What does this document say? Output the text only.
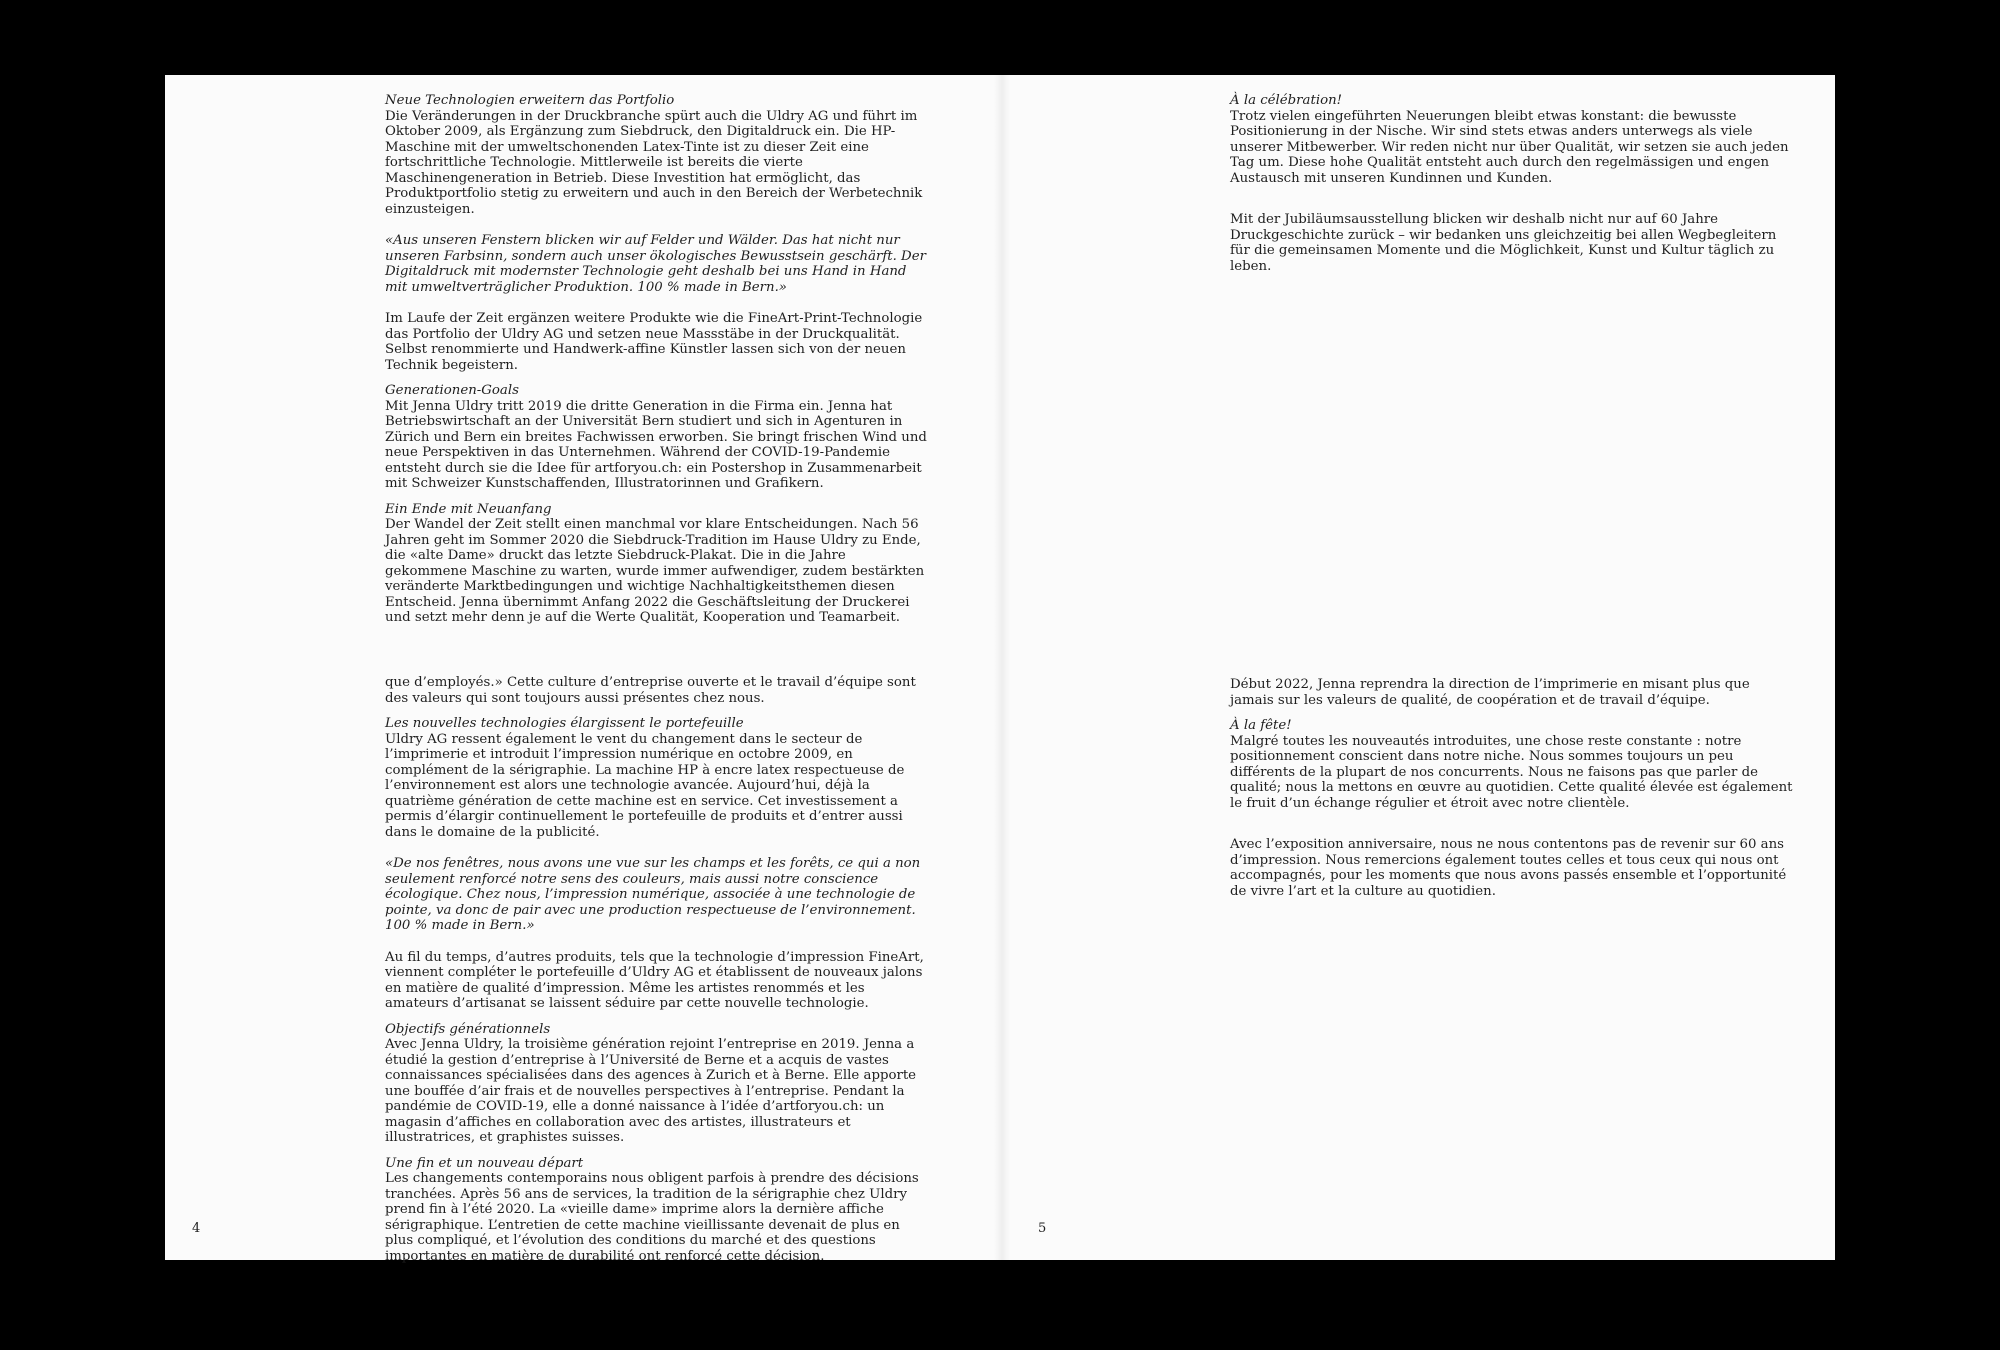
Neue Technologien erweitern das Portfolio

Die Veränderungen in der Druckbranche spürt auch die Uldry AG und führt im Oktober 2009, als Ergänzung zum Siebdruck, den Digitaldruck ein. Die HP-Maschine mit der umweltschonenden Latex-Tinte ist zu dieser Zeit eine fortschrittliche Technologie. Mittlerweile ist bereits die vierte Maschinengeneration in Betrieb. Diese Investition hat ermöglicht, das Produktportfolio stetig zu erweitern und auch in den Bereich der Werbetechnik einzusteigen.

«Aus unseren Fenstern blicken wir auf Felder und Wälder. Das hat nicht nur unseren Farbsinn, sondern auch unser ökologisches Bewusstsein geschärft. Der Digitaldruck mit modernster Technologie geht deshalb bei uns Hand in Hand mit umweltverträglicher Produktion. 100 % made in Bern.»

Im Laufe der Zeit ergänzen weitere Produkte wie die FineArt-Print-Technologie das Portfolio der Uldry AG und setzen neue Massstäbe in der Druckqualität. Selbst renommierte und Handwerk-affine Künstler lassen sich von der neuen Technik begeistern.

Generationen-Goals

Mit Jenna Uldry tritt 2019 die dritte Generation in die Firma ein. Jenna hat Betriebswirtschaft an der Universität Bern studiert und sich in Agenturen in Zürich und Bern ein breites Fachwissen erworben. Sie bringt frischen Wind und neue Perspektiven in das Unternehmen. Während der COVID-19-Pandemie entsteht durch sie die Idee für artforyou.ch: ein Postershop in Zusammenarbeit mit Schweizer Kunstschaffenden, Illustratorinnen und Grafikern.

Ein Ende mit Neuanfang

Der Wandel der Zeit stellt einen manchmal vor klare Entscheidungen. Nach 56 Jahren geht im Sommer 2020 die Siebdruck-Tradition im Hause Uldry zu Ende, die «alte Dame» druckt das letzte Siebdruck-Plakat. Die in die Jahre gekommene Maschine zu warten, wurde immer aufwendiger, zudem bestärkten veränderte Marktbedingungen und wichtige Nachhaltigkeitsthemen diesen Entscheid. Jenna übernimmt Anfang 2022 die Geschäftsleitung der Druckerei und setzt mehr denn je auf die Werte Qualität, Kooperation und Teamarbeit.

que d’employés.» Cette culture d’entreprise ouverte et le travail d’équipe sont des valeurs qui sont toujours aussi présentes chez nous.

Les nouvelles technologies élargissent le portefeuille

Uldry AG ressent également le vent du changement dans le secteur de l’imprimerie et introduit l’impression numérique en octobre 2009, en complément de la sérigraphie. La machine HP à encre latex respectueuse de l’environnement est alors une technologie avancée. Aujourd’hui, déjà la quatrième génération de cette machine est en service. Cet investissement a permis d’élargir continuellement le portefeuille de produits et d’entrer aussi dans le domaine de la publicité.

«De nos fenêtres, nous avons une vue sur les champs et les forêts, ce qui a non seulement renforcé notre sens des couleurs, mais aussi notre conscience écologique. Chez nous, l’impression numérique, associée à une technologie de pointe, va donc de pair avec une production respectueuse de l’environnement. 100 % made in Bern.»

Au fil du temps, d’autres produits, tels que la technologie d’impression FineArt, viennent compléter le portefeuille d’Uldry AG et établissent de nouveaux jalons en matière de qualité d’impression. Même les artistes renommés et les amateurs d’artisanat se laissent séduire par cette nouvelle technologie.

Objectifs générationnels

Avec Jenna Uldry, la troisième génération rejoint l’entreprise en 2019. Jenna a étudié la gestion d’entreprise à l’Université de Berne et a acquis de vastes connaissances spécialisées dans des agences à Zurich et à Berne. Elle apporte une bouffée d’air frais et de nouvelles perspectives à l’entreprise. Pendant la pandémie de COVID-19, elle a donné naissance à l’idée d’artforyou.ch: un magasin d’affiches en collaboration avec des artistes, illustrateurs et illustratrices, et graphistes suisses.

Une fin et un nouveau départ

Les changements contemporains nous obligent parfois à prendre des décisions tranchées. Après 56 ans de services, la tradition de la sérigraphie chez Uldry prend fin à l’été 2020. La «vieille dame» imprime alors la dernière affiche sérigraphique. L’entretien de cette machine vieillissante devenait de plus en plus compliqué, et l’évolution des conditions du marché et des questions importantes en matière de durabilité ont renforcé cette décision.

4
À la célébration!

Trotz vielen eingeführten Neuerungen bleibt etwas konstant: die bewusste Positionierung in der Nische. Wir sind stets etwas anders unterwegs als viele unserer Mitbewerber. Wir reden nicht nur über Qualität, wir setzen sie auch jeden Tag um. Diese hohe Qualität entsteht auch durch den regelmässigen und engen Austausch mit unseren Kundinnen und Kunden.

Mit der Jubiläumsausstellung blicken wir deshalb nicht nur auf 60 Jahre Druckgeschichte zurück – wir bedanken uns gleichzeitig bei allen Wegbegleitern für die gemeinsamen Momente und die Möglichkeit, Kunst und Kultur täglich zu leben.

Début 2022, Jenna reprendra la direction de l’imprimerie en misant plus que jamais sur les valeurs de qualité, de coopération et de travail d’équipe.

À la fête!

Malgré toutes les nouveautés introduites, une chose reste constante : notre positionnement conscient dans notre niche. Nous sommes toujours un peu différents de la plupart de nos concurrents. Nous ne faisons pas que parler de qualité; nous la mettons en œuvre au quotidien. Cette qualité élevée est également le fruit d’un échange régulier et étroit avec notre clientèle.

Avec l’exposition anniversaire, nous ne nous contentons pas de revenir sur 60 ans d’impression. Nous remercions également toutes celles et tous ceux qui nous ont accompagnés, pour les moments que nous avons passés ensemble et l’opportunité de vivre l’art et la culture au quotidien.

5
